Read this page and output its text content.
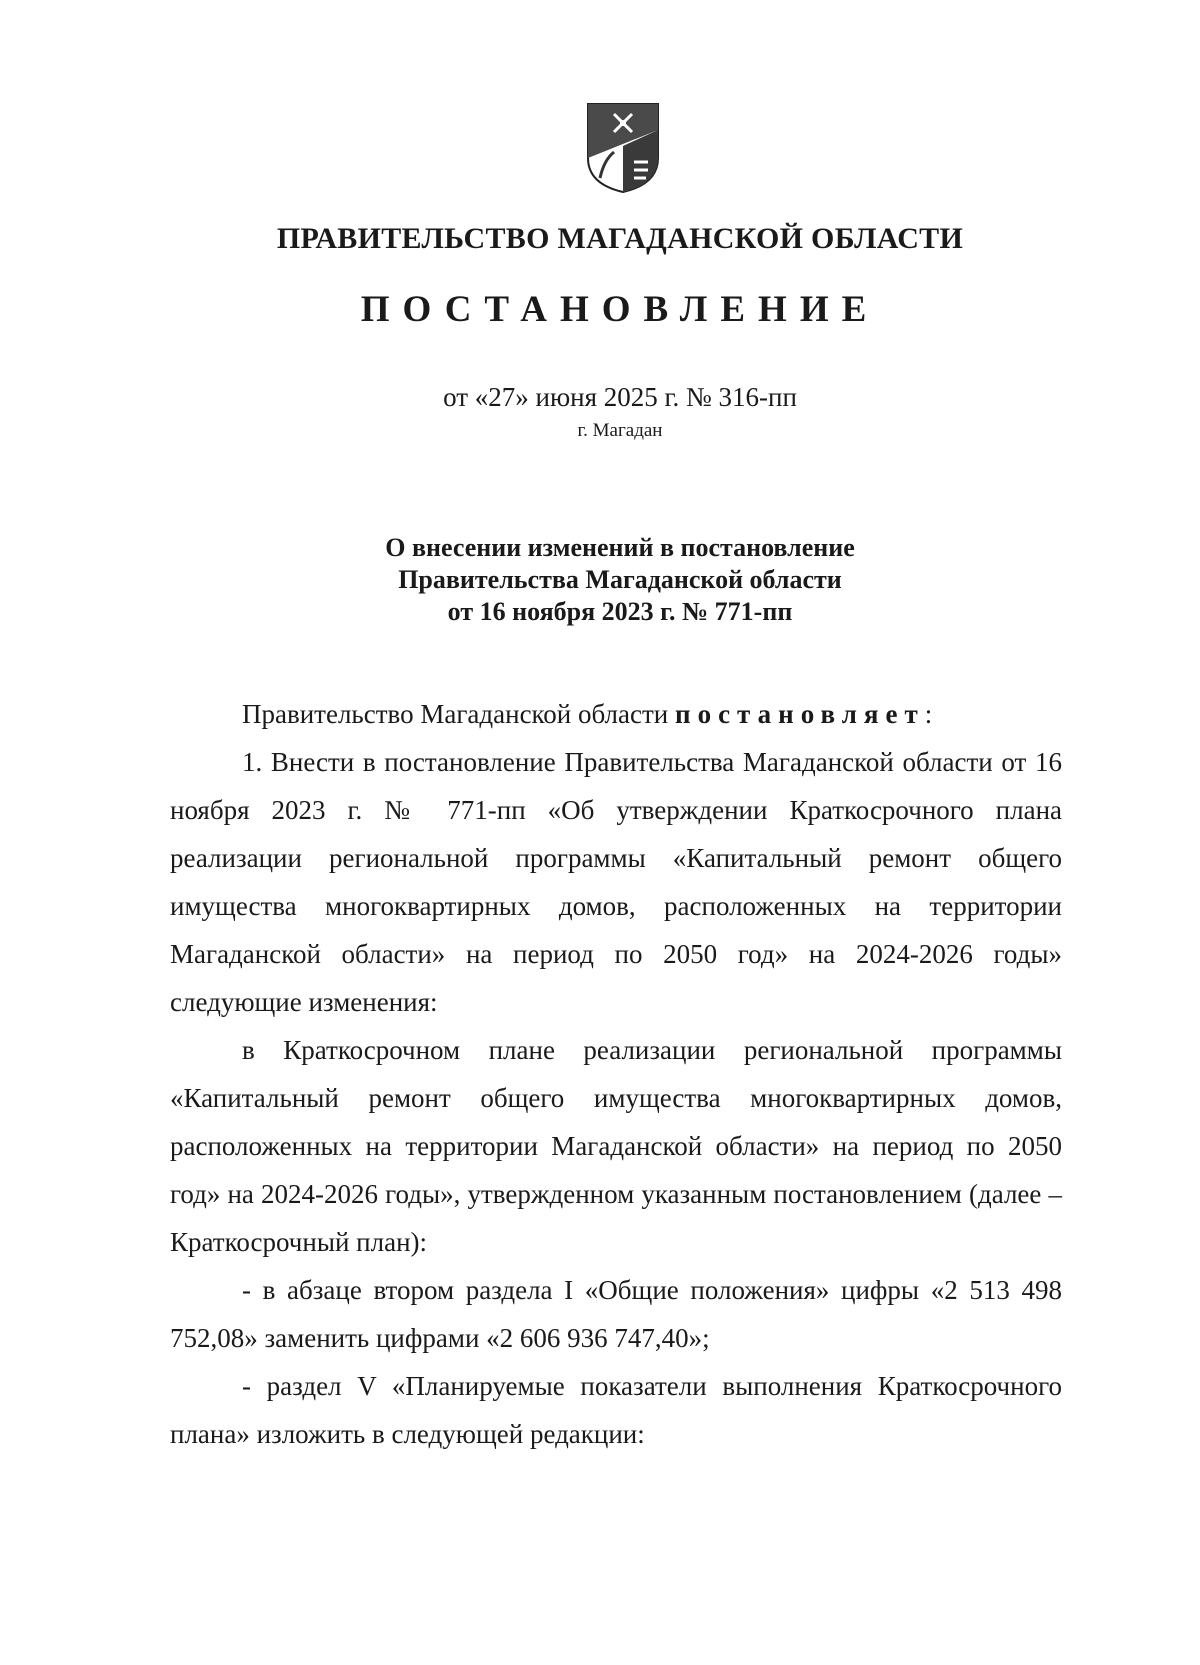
ПРАВИТЕЛЬСТВО МАГАДАНСКОЙ ОБЛАСТИ
ПОСТАНОВЛЕНИЕ
от «27» июня 2025 г. № 316-пп
г. Магадан
О внесении изменений в постановление
Правительства Магаданской области
от 16 ноября 2023 г. № 771-пп

Правительство Магаданской области постановляет:

1. Внести в постановление Правительства Магаданской области от 16 ноября 2023 г. № 771-пп «Об утверждении Краткосрочного плана реализации региональной программы «Капитальный ремонт общего имущества многоквартирных домов, расположенных на территории Магаданской области» на период по 2050 год» на 2024-2026 годы» следующие изменения:

в Краткосрочном плане реализации региональной программы «Капитальный ремонт общего имущества многоквартирных домов, расположенных на территории Магаданской области» на период по 2050 год» на 2024-2026 годы», утвержденном указанным постановлением (далее – Краткосрочный план):

- в абзаце втором раздела I «Общие положения» цифры «2 513 498 752,08» заменить цифрами «2 606 936 747,40»;

- раздел V «Планируемые показатели выполнения Краткосрочного плана» изложить в следующей редакции:
